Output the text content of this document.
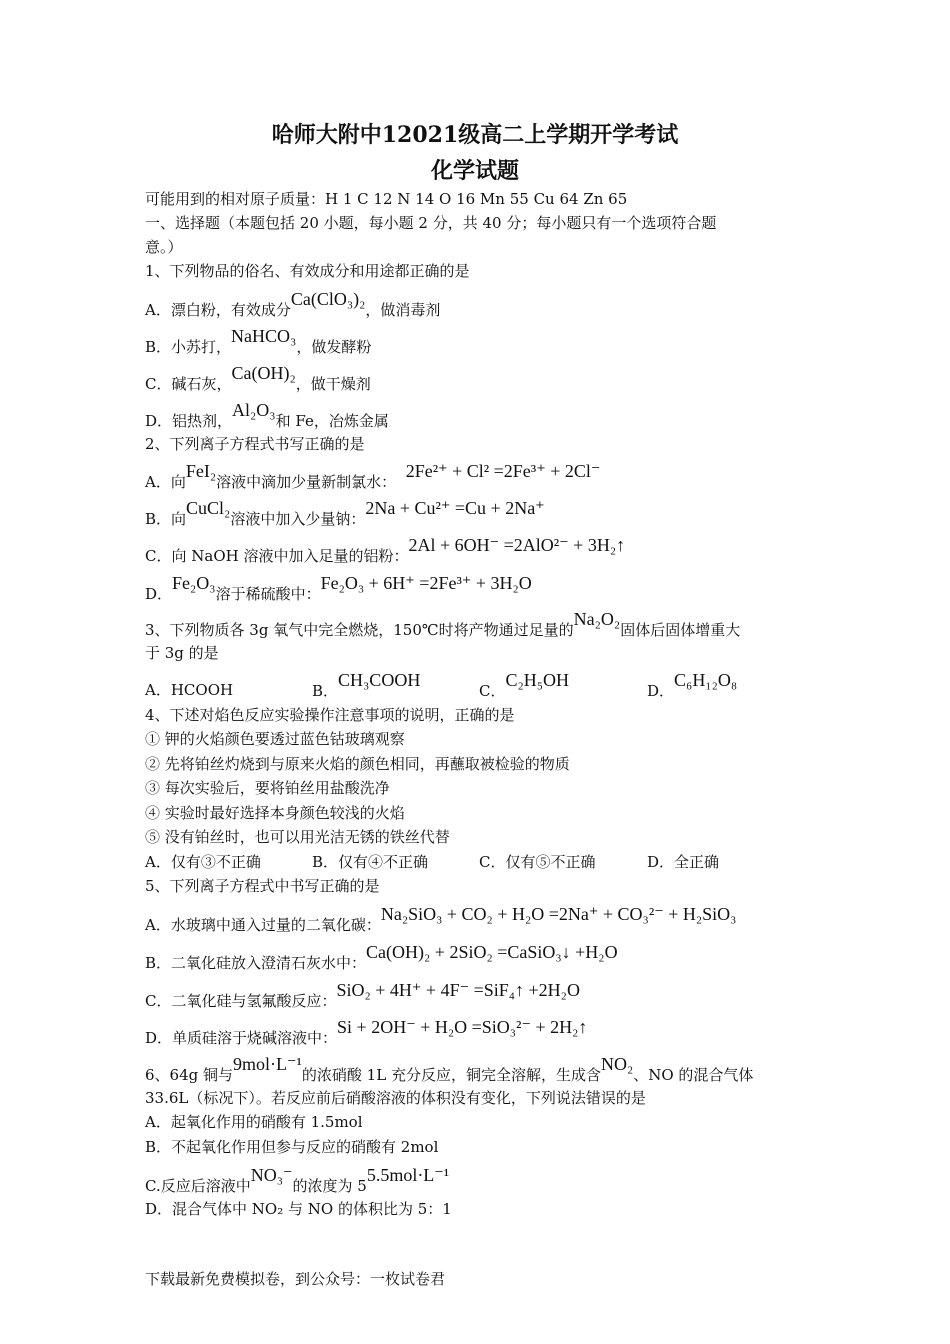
哈师大附中12021级高二上学期开学考试
化学试题
可能用到的相对原子质量：H 1 C 12 N 14 O 16 Mn 55 Cu 64 Zn 65
一、选择题（本题包括 20 小题，每小题 2 分，共 40 分；每小题只有一个选项符合题
意。）
1、下列物品的俗名、有效成分和用途都正确的是
A．漂白粉，有效成分Ca(ClO₃)₂，做消毒剂
B．小苏打，NaHCO₃，做发酵粉
C．碱石灰，Ca(OH)₂，做干燥剂
D．铝热剂，Al₂O₃和 Fe，冶炼金属
2、下列离子方程式书写正确的是
A．向FeI₂溶液中滴加少量新制氯水：  2Fe²⁺ + Cl² =2Fe³⁺ + 2Cl⁻
B．向CuCl₂溶液中加入少量钠：2Na + Cu²⁺ =Cu + 2Na⁺
C．向 NaOH 溶液中加入足量的铝粉：2Al + 6OH⁻ =2AlO²⁻ + 3H₂↑
D．Fe₂O₃溶于稀硫酸中：Fe₂O₃ + 6H⁺ =2Fe³⁺ + 3H₂O
3、下列物质各 3g 氧气中完全燃烧，150℃时将产物通过足量的Na₂O₂固体后固体增重大
于 3g 的是
A．HCOOH	B．CH₃COOH
C．C₂H₅OH
D．C₆H₁₂O₈
4、下述对焰色反应实验操作注意事项的说明，正确的是
① 钾的火焰颜色要透过蓝色钴玻璃观察
② 先将铂丝灼烧到与原来火焰的颜色相同，再蘸取被检验的物质
③ 每次实验后，要将铂丝用盐酸洗净
④ 实验时最好选择本身颜色较浅的火焰
⑤ 没有铂丝时，也可以用光洁无锈的铁丝代替
A．仅有③不正确	B．仅有④不正确	C．仅有⑤不正确	D．全正确
5、下列离子方程式中书写正确的是
A．水玻璃中通入过量的二氧化碳：Na₂SiO₃ + CO₂ + H₂O =2Na⁺ + CO₃²⁻ + H₂SiO₃
B．二氧化硅放入澄清石灰水中：Ca(OH)₂ + 2SiO₂ =CaSiO₃↓ +H₂O
C．二氧化硅与氢氟酸反应：SiO₂ + 4H⁺ + 4F⁻ =SiF₄↑ +2H₂O
D．单质硅溶于烧碱溶液中：Si + 2OH⁻ + H₂O =SiO₃²⁻ + 2H₂↑
6、64g 铜与9mol·L⁻¹的浓硝酸 1L 充分反应，铜完全溶解，生成含NO₂、NO 的混合气体
33.6L（标况下）。若反应前后硝酸溶液的体积没有变化，下列说法错误的是
A．起氧化作用的硝酸有 1.5mol
B．不起氧化作用但参与反应的硝酸有 2mol
C.反应后溶液中NO₃⁻的浓度为 55.5mol·L⁻¹
D．混合气体中 NO₂ 与 NO 的体积比为 5：1
下载最新免费模拟卷，到公众号：一枚试卷君
